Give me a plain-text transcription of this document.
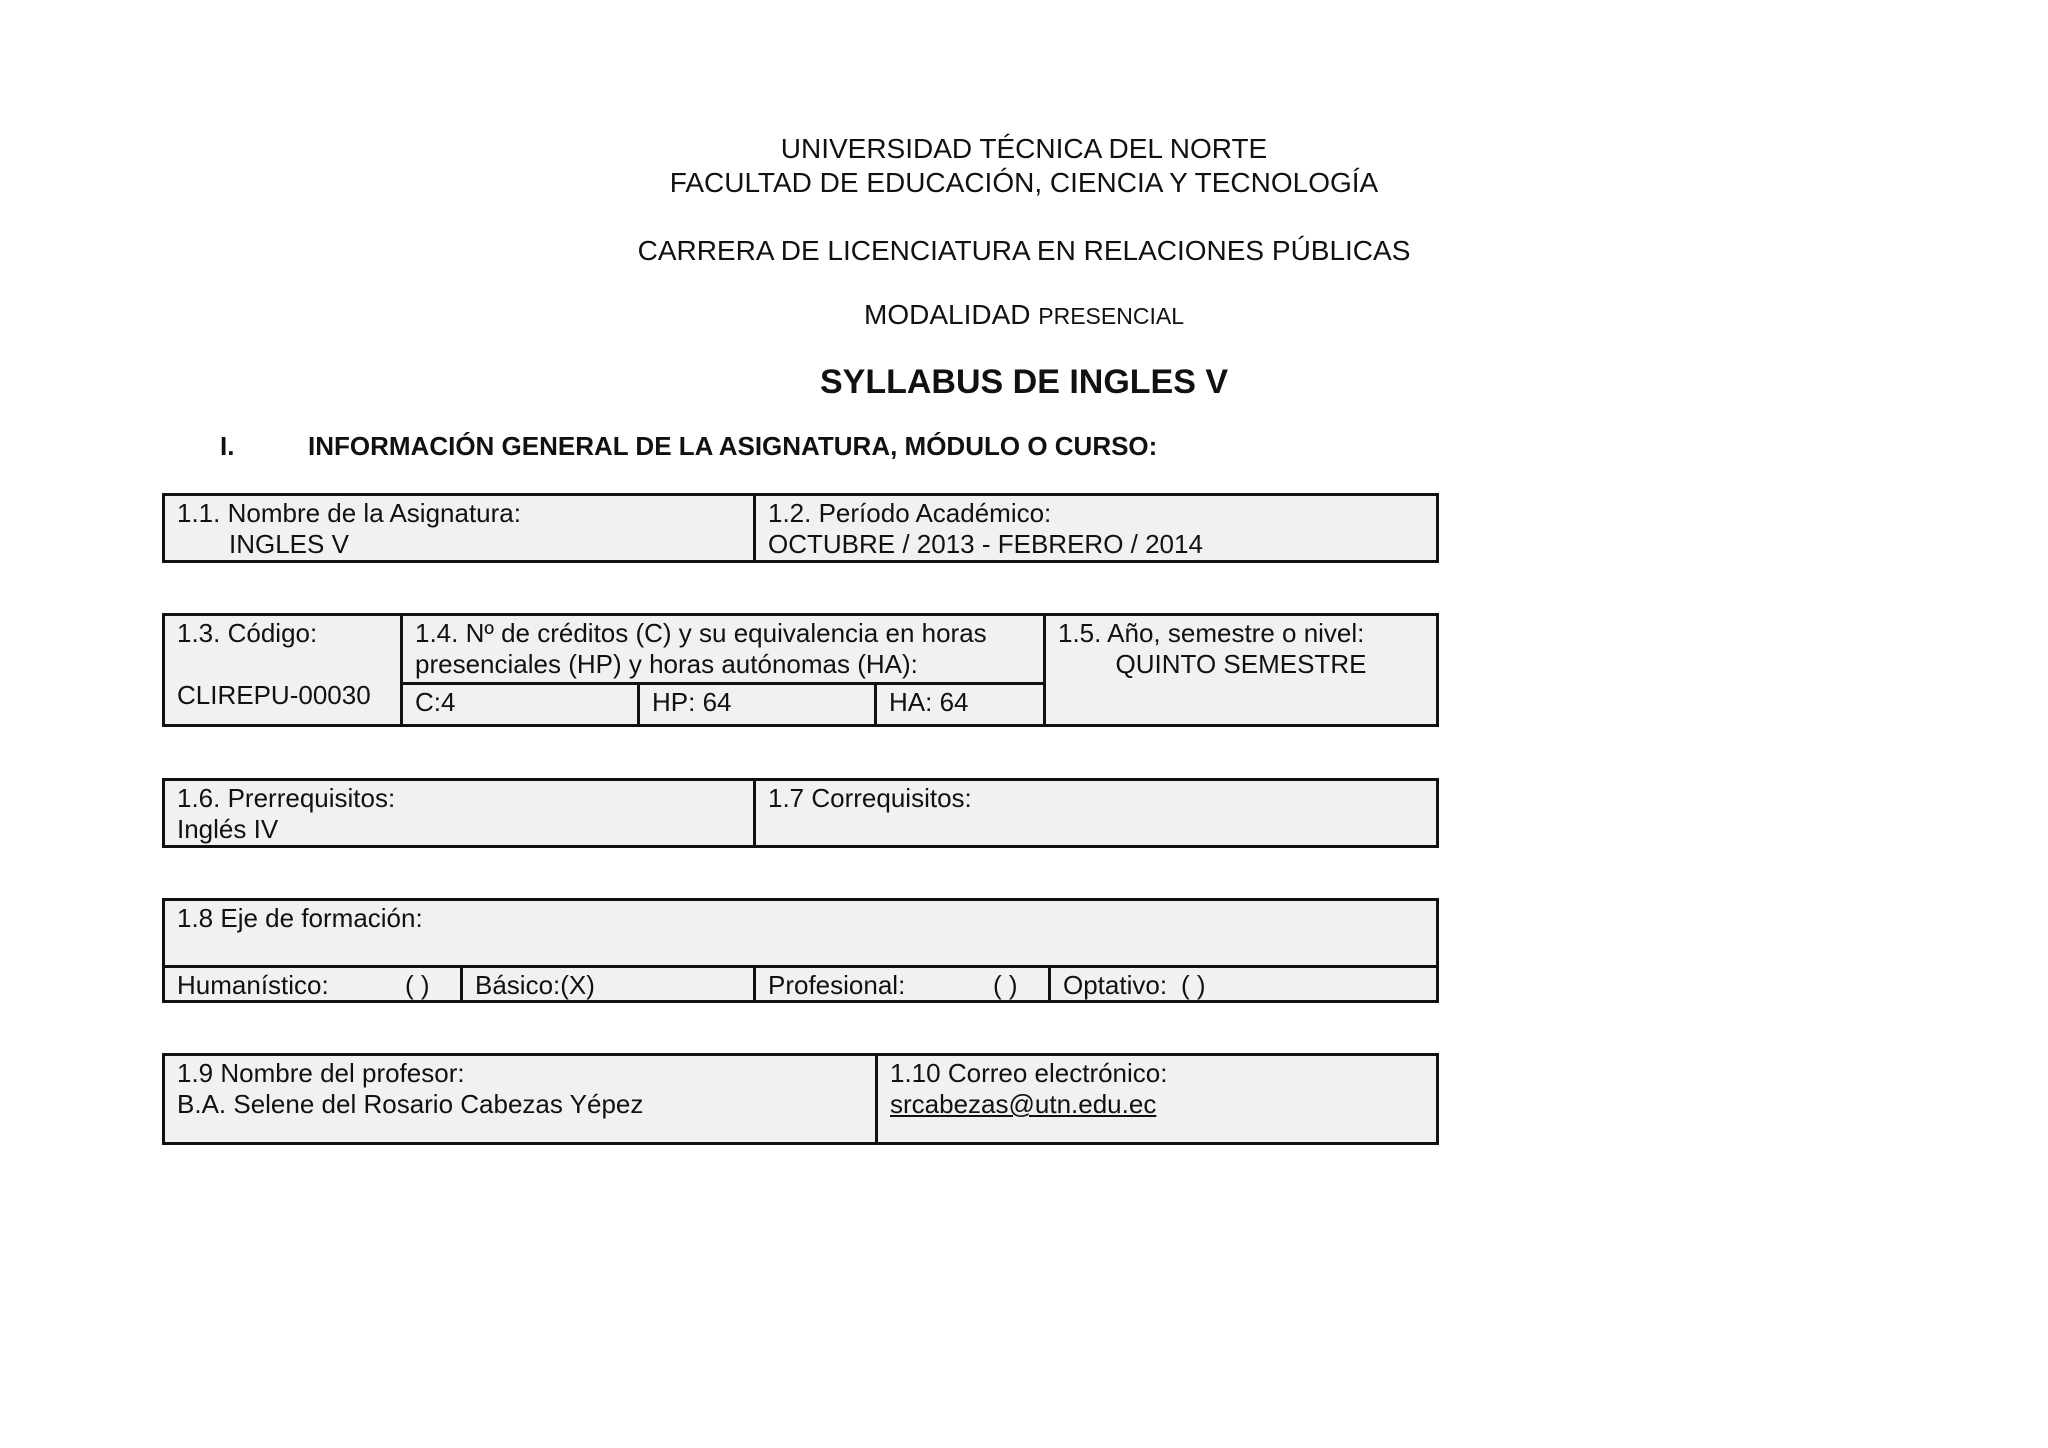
UNIVERSIDAD TÉCNICA DEL NORTE
FACULTAD DE EDUCACIÓN, CIENCIA Y TECNOLOGÍA
CARRERA DE LICENCIATURA EN RELACIONES PÚBLICAS
MODALIDAD PRESENCIAL
SYLLABUS DE INGLES V
I.	INFORMACIÓN GENERAL DE LA ASIGNATURA, MÓDULO O CURSO:
1.1. Nombre de la Asignatura:

INGLES V
1.2. Período Académico:
OCTUBRE / 2013 - FEBRERO / 2014
1.3. Código:
CLIREPU-00030
1.4. Nº de créditos (C) y su equivalencia en horas
presenciales (HP) y horas autónomas (HA):
C:4	HP: 64	HA: 64
1.5. Año, semestre o nivel:

QUINTO SEMESTRE
1.6. Prerrequisitos:
Inglés IV
1.7 Correquisitos:
1.8 Eje de formación:
Humanístico:	( )	Básico:(X)	Profesional:	( )	Optativo: ( )
1.9 Nombre del profesor:
B.A. Selene del Rosario Cabezas Yépez
1.10 Correo electrónico:
srcabezas@utn.edu.ec
